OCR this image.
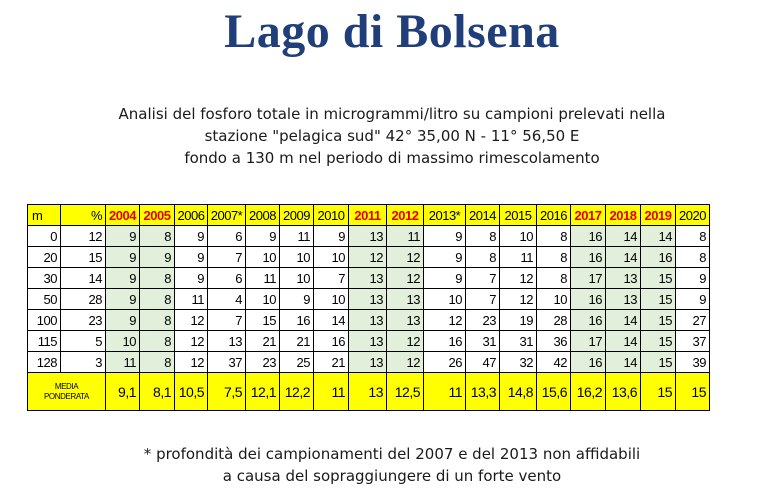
Lago di Bolsena
Analisi del fosforo totale in microgrammi/litro su campioni prelevati nella
stazione "pelagica sud" 42° 35,00 N - 11° 56,50 E
fondo a 130 m nel periodo di massimo rimescolamento
m	%	2004	2005	2006	2007*	2008	2009	2010	2011	2012	2013*	2014	2015	2016	2017	2018	2019	2020
0	12	9	8	9	6	9	11	9	13	11	9	8	10	8	16	14	14	8
20	15	9	9	9	7	10	10	10	12	12	9	8	11	8	16	14	16	8
30	14	9	8	9	6	11	10	7	13	12	9	7	12	8	17	13	15	9
50	28	9	8	11	4	10	9	10	13	13	10	7	12	10	16	13	15	9
100	23	9	8	12	7	15	16	14	13	13	12	23	19	28	16	14	15	27
115	5	10	8	12	13	21	21	16	13	12	16	31	31	36	17	14	15	37
128	3	11	8	12	37	23	25	21	13	12	26	47	32	42	16	14	15	39

MEDIA
PONDERATA		9,1	8,1	10,5	7,5	12,1	12,2	11	13	12,5	11	13,3	14,8	15,6	16,2	13,6	15	15
* profondità dei campionamenti del 2007 e del 2013 non affidabili
a causa del sopraggiungere di un forte vento
